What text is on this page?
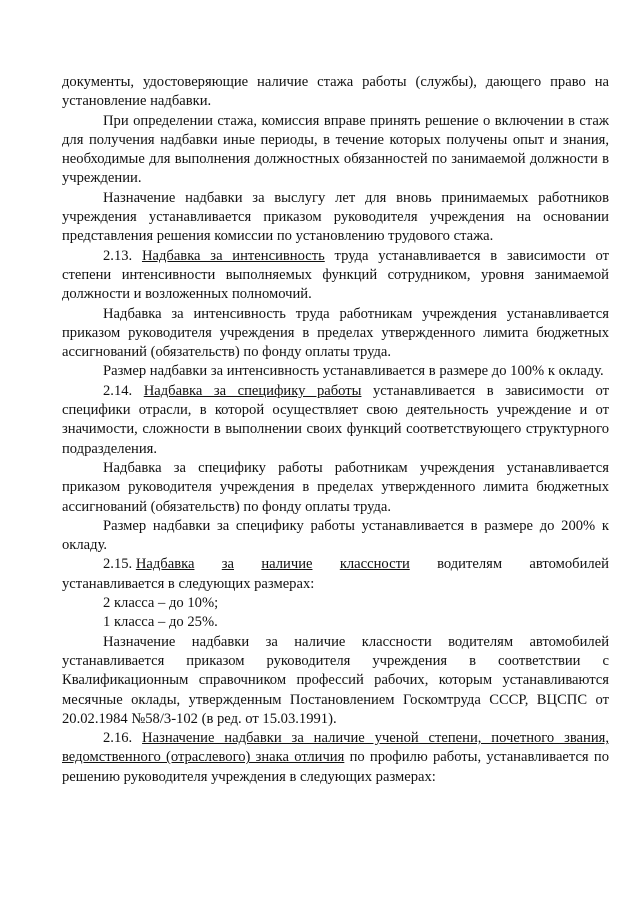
документы, удостоверяющие наличие стажа работы (службы), дающего право на установление надбавки.

При определении стажа, комиссия вправе принять решение о включении в стаж для получения надбавки иные периоды, в течение которых получены опыт и знания, необходимые для выполнения должностных обязанностей по занимаемой должности в учреждении.

Назначение надбавки за выслугу лет для вновь принимаемых работников учреждения устанавливается приказом руководителя учреждения на основании представления решения комиссии по установлению трудового стажа.

2.13. Надбавка за интенсивность труда устанавливается в зависимости от степени интенсивности выполняемых функций сотрудником, уровня занимаемой должности и возложенных полномочий.

Надбавка за интенсивность труда работникам учреждения устанавливается приказом руководителя учреждения в пределах утвержденного лимита бюджетных ассигнований (обязательств) по фонду оплаты труда.

Размер надбавки за интенсивность устанавливается в размере до 100% к окладу.

2.14. Надбавка за специфику работы устанавливается в зависимости от специфики отрасли, в которой осуществляет свою деятельность учреждение и от значимости, сложности в выполнении своих функций соответствующего структурного подразделения.

Надбавка за специфику работы работникам учреждения устанавливается приказом руководителя учреждения в пределах утвержденного лимита бюджетных ассигнований (обязательств) по фонду оплаты труда.

Размер надбавки за специфику работы устанавливается в размере до 200% к окладу.

2.15. Надбавка за наличие классности водителям автомобилей

устанавливается в следующих размерах:

2 класса – до 10%;
1 класса – до 25%.

Назначение надбавки за наличие классности водителям автомобилей устанавливается приказом руководителя учреждения в соответствии с Квалификационным справочником профессий рабочих, которым устанавливаются месячные оклады, утвержденным Постановлением Госкомтруда СССР, ВЦСПС от 20.02.1984 №58/3-102 (в ред. от 15.03.1991).

2.16. Назначение надбавки за наличие ученой степени, почетного звания, ведомственного (отраслевого) знака отличия по профилю работы, устанавливается по решению руководителя учреждения в следующих размерах:
